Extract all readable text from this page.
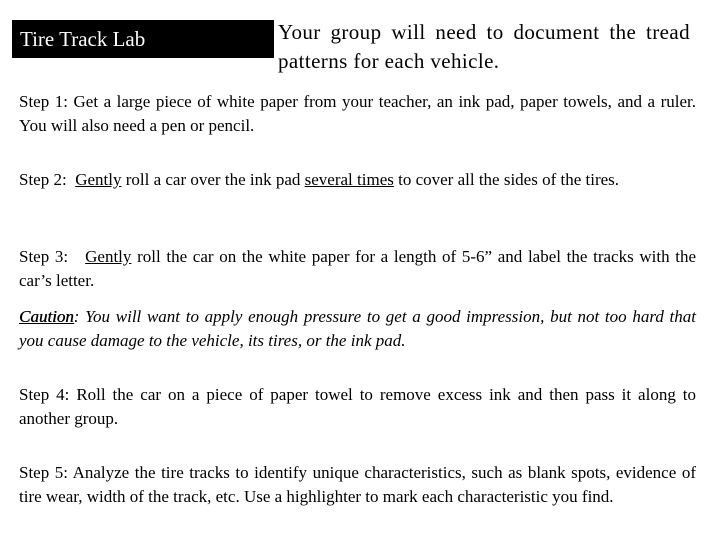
Tire Track Lab	Your group will need to document the tread patterns for each vehicle.
Step 1: Get a large piece of white paper from your teacher, an ink pad, paper towels, and a ruler. You will also need a pen or pencil.
Step 2: Gently roll a car over the ink pad several times to cover all the sides of the tires.
Step 3: Gently roll the car on the white paper for a length of 5-6” and label the tracks with the car’s letter.
Caution: You will want to apply enough pressure to get a good impression, but not too hard that you cause damage to the vehicle, its tires, or the ink pad.
Step 4: Roll the car on a piece of paper towel to remove excess ink and then pass it along to another group.
Step 5: Analyze the tire tracks to identify unique characteristics, such as blank spots, evidence of tire wear, width of the track, etc. Use a highlighter to mark each characteristic you find.
